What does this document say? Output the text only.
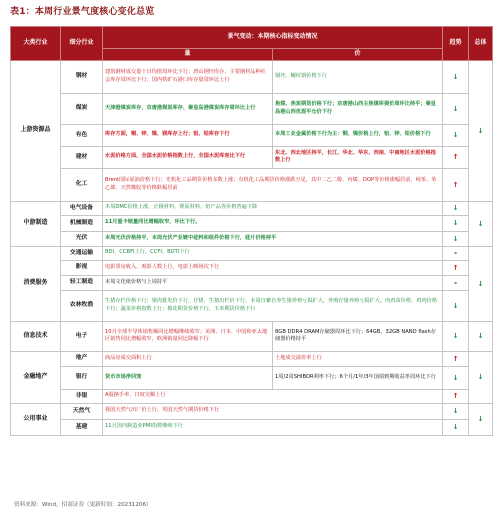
表1：本周行业景气度核心变化总览
大类行业	细分行业	景气变动：本期核心指标变动情况		趋势	总体
		量	价		
上游资源品	钢材	建筑钢材成交量十日均值周环比下行；唐山钢坯库存、主要钢材品种社会库存周环比下行；国内铁矿石港口库存量周环比上行	钢坯、螺纹钢价格下行	↓	↓
	煤炭	天津港煤炭库存、京唐港煤炭库存、秦皇岛港煤炭库存周环比上行	焦煤、焦炭期货价格下行；京唐港山西主焦煤库提价周环比持平；秦皇岛港山西优混平仓价下行	↓	
	有色	库存方面，铜、锌、镍、镁库存上行；铝、铅库存下行	本周工业金属价格下行为主：铜、镍价格上行，铝、锌、铅价格下行	↓	
	建材	水泥价格方面，全国水泥价格指数上行，全国水泥库容比下行	东北、西北地区持平，长江、华北、华东、西南、中南地区水泥价格指数上行	↑	
	化工	Brent国际原油价格下行；光机化工品期货价格多数上涨；有机化工品期货价格涨跌互见，其中二乙二醇、丙烯、DOP等价格涨幅居前，纯苯、苯乙烯、天然橡胶等价格跌幅居前		↑	
中游制造	电气设备	本周DMC价格上涨，正极材料、锂原材料、铝产品等价格普遍下降		↓	↓
	机械制造	11月重卡销量同比增幅收窄，环比下行。		↓	
	光伏	本周光伏价格持平，本周光伏产业链中硅料和组件价格下行，硅片价格持平		↓	
消费服务	交通运输	BDI、CCBFI上行，CCFI、BDTI下行		-	↓
	影视	电影票房收入、观影人数上行，电影上映场次下行		↑	
	轻工制造	本周文化纸价格与上周持平		-	
	农林牧渔	生猪存栏价格下行；猪肉批发价下行，仔猪、生猪出栏价下行。本周自繁自养生猪养殖亏损扩大，外购仔猪养殖亏损扩大。肉鸡苗价格、鸡肉价格下行；蔬菜价格指数上行；棉花期货价格下行，玉米期货价格下行		↓	
信息技术	电子	10月全球半导体销售额同比增幅继续收窄；美洲、日本、中国和亚太地区销售同比增幅收窄，欧洲销量同比降幅下行	8GB DDR4 DRAM存储器周环比下行；64GB、32GB NAND flash存储器价格持平	↓	↓
金融地产	地产	商品房成交面积上行	土地成交溢价率上行	↑	↓
	银行	货币市场净回笼	1周/2周SHIBOR利率下行；6个月/1年/3年国债到期收益率周环比下行	↓	
	非银	A股换手率、日度交额上行		↑	
公用事业	天然气	我国天然气出厂价上行，英国天然气期货价格下行		↓	↓
	基建	11月国内制造业PMI指数继续下行		↓	
资料来源：Wind，招商证券（更新时间：20231206）
